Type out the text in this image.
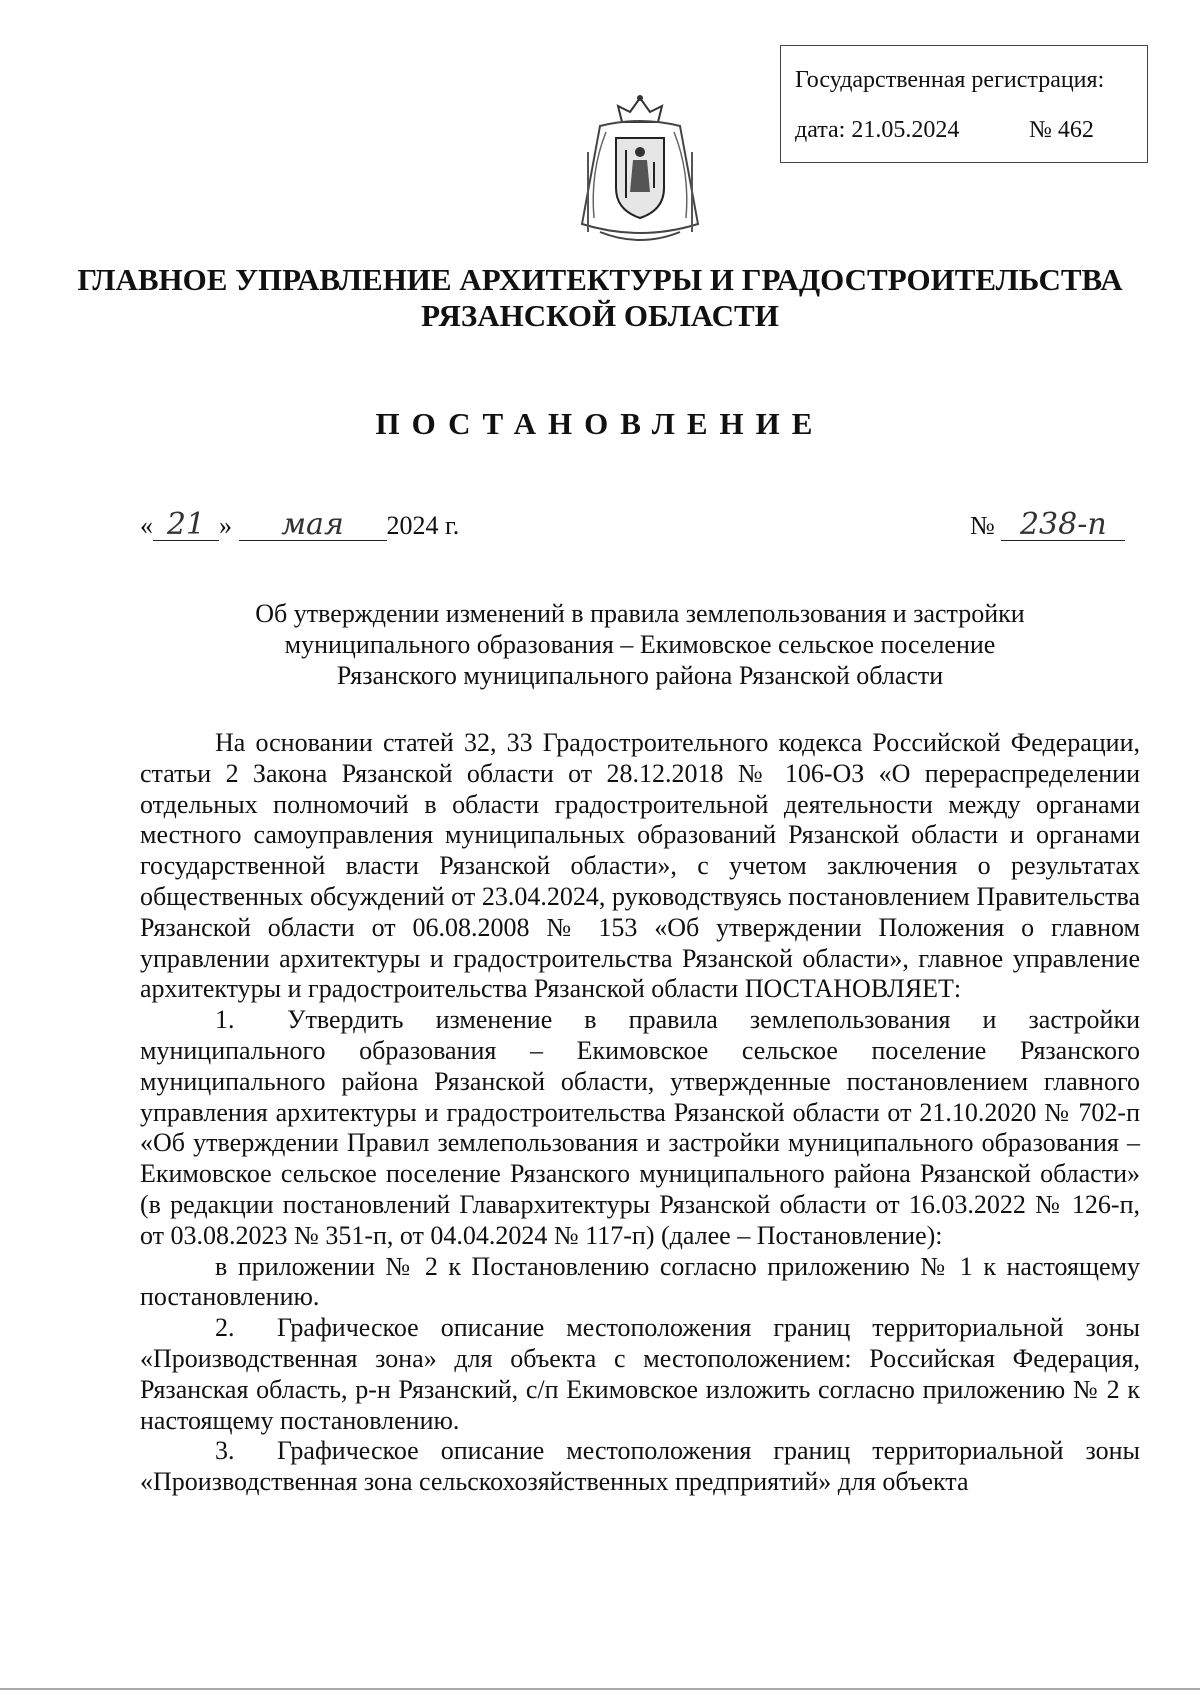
Государственная регистрация:
дата: 21.05.2024	№ 462
ГЛАВНОЕ УПРАВЛЕНИЕ АРХИТЕКТУРЫ И ГРАДОСТРОИТЕЛЬСТВА
РЯЗАНСКОЙ ОБЛАСТИ
ПОСТАНОВЛЕНИЕ
« 21 » мая 2024 г.	№ 238-п
Об утверждении изменений в правила землепользования и застройки
муниципального образования – Екимовское сельское поселение
Рязанского муниципального района Рязанской области

На основании статей 32, 33 Градостроительного кодекса Российской Федерации, статьи 2 Закона Рязанской области от 28.12.2018 № 106-ОЗ «О перераспределении отдельных полномочий в области градостроительной деятельности между органами местного самоуправления муниципальных образований Рязанской области и органами государственной власти Рязанской области», с учетом заключения о результатах общественных обсуждений от 23.04.2024, руководствуясь постановлением Правительства Рязанской области от 06.08.2008 № 153 «Об утверждении Положения о главном управлении архитектуры и градостроительства Рязанской области», главное управление архитектуры и градостроительства Рязанской области ПОСТАНОВЛЯЕТ:

1. Утвердить изменение в правила землепользования и застройки муниципального образования – Екимовское сельское поселение Рязанского муниципального района Рязанской области, утвержденные постановлением главного управления архитектуры и градостроительства Рязанской области от 21.10.2020 № 702-п «Об утверждении Правил землепользования и застройки муниципального образования – Екимовское сельское поселение Рязанского муниципального района Рязанской области» (в редакции постановлений Главархитектуры Рязанской области от 16.03.2022 № 126-п, от 03.08.2023 № 351-п, от 04.04.2024 № 117-п) (далее – Постановление):

в приложении № 2 к Постановлению согласно приложению № 1 к настоящему постановлению.

2. Графическое описание местоположения границ территориальной зоны «Производственная зона» для объекта с местоположением: Российская Федерация, Рязанская область, р-н Рязанский, с/п Екимовское изложить согласно приложению № 2 к настоящему постановлению.

3. Графическое описание местоположения границ территориальной зоны «Производственная зона сельскохозяйственных предприятий» для объекта
